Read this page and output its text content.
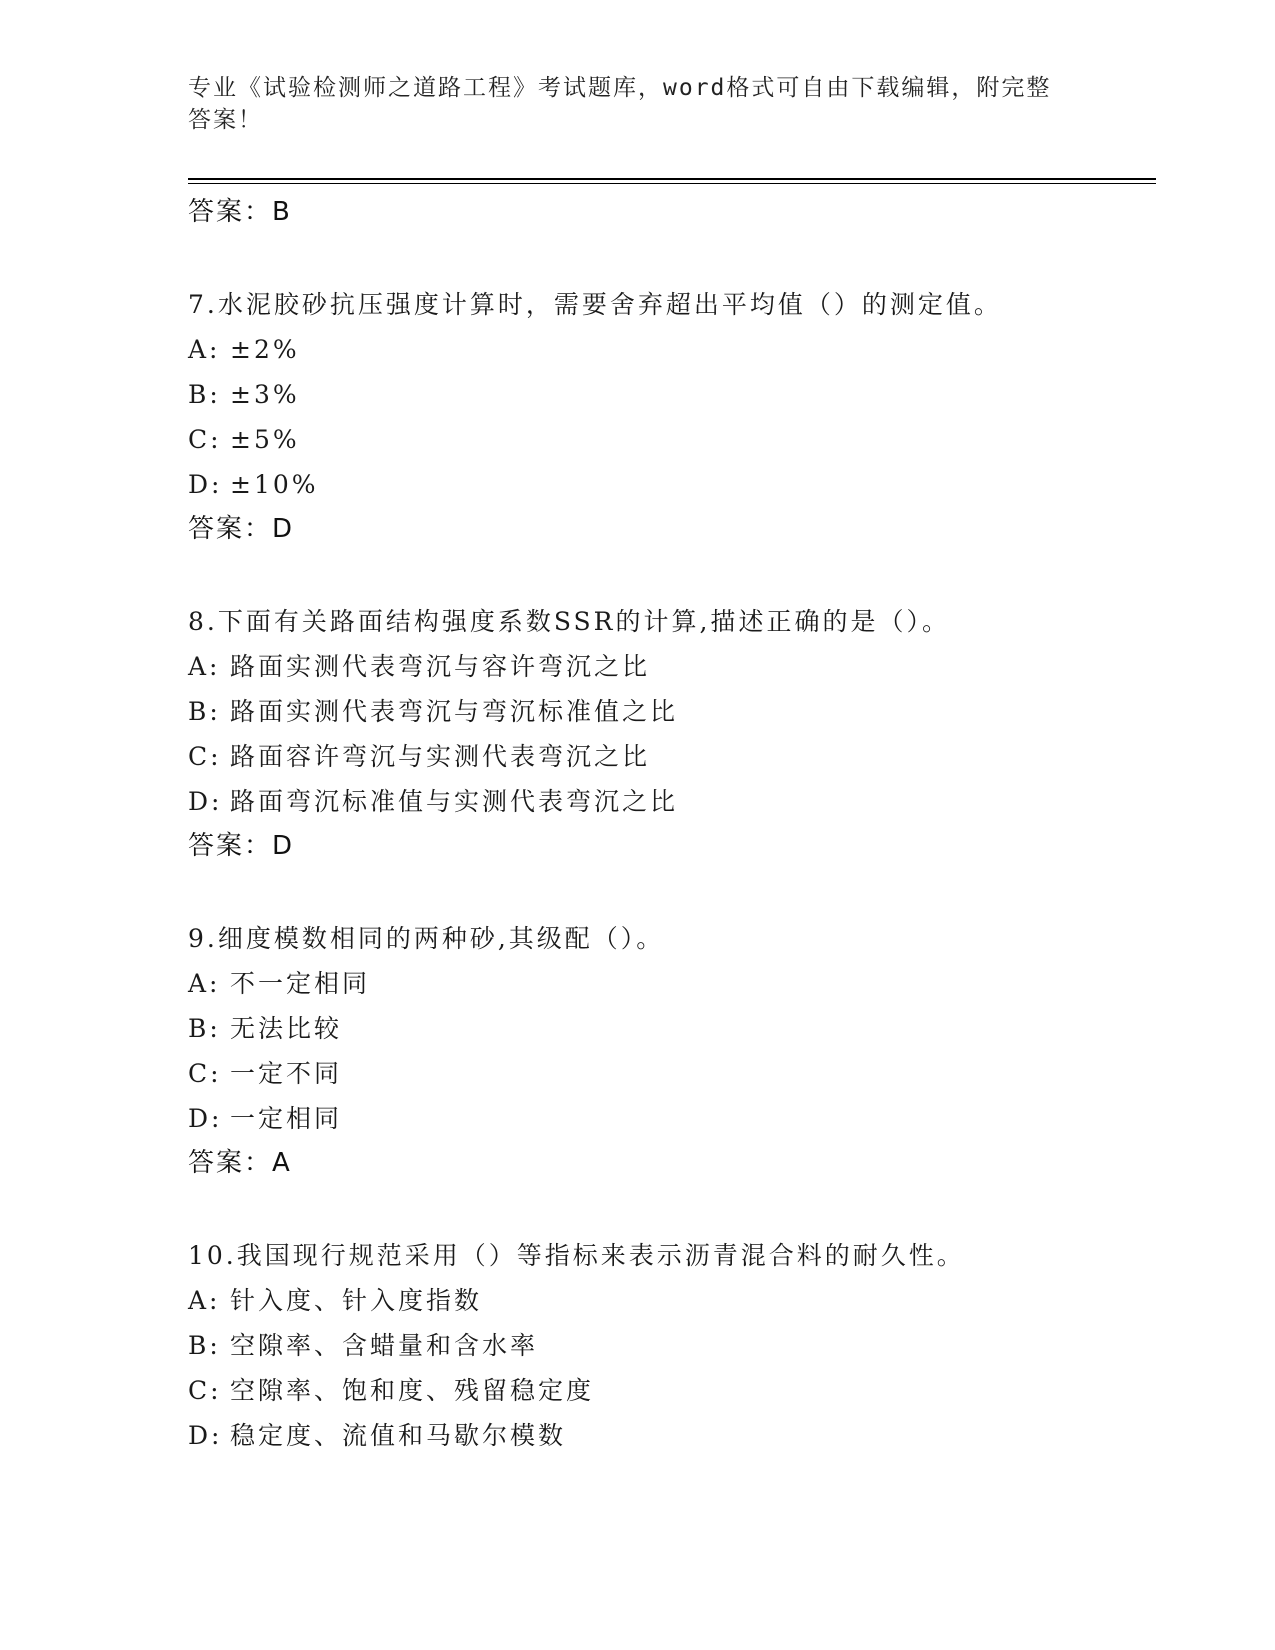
专业《试验检测师之道路工程》考试题库，word格式可自由下载编辑，附完整答案！
答案：B
7.水泥胶砂抗压强度计算时，需要舍弃超出平均值（）的测定值。
A: ±2%
B: ±3%
C: ±5%
D: ±10%
答案：D
8.下面有关路面结构强度系数SSR的计算,描述正确的是（）。
A: 路面实测代表弯沉与容许弯沉之比
B: 路面实测代表弯沉与弯沉标准值之比
C: 路面容许弯沉与实测代表弯沉之比
D: 路面弯沉标准值与实测代表弯沉之比
答案：D
9.细度模数相同的两种砂,其级配（）。
A: 不一定相同
B: 无法比较
C: 一定不同
D: 一定相同
答案：A
10.我国现行规范采用（）等指标来表示沥青混合料的耐久性。
A: 针入度、针入度指数
B: 空隙率、含蜡量和含水率
C: 空隙率、饱和度、残留稳定度
D: 稳定度、流值和马歇尔模数
